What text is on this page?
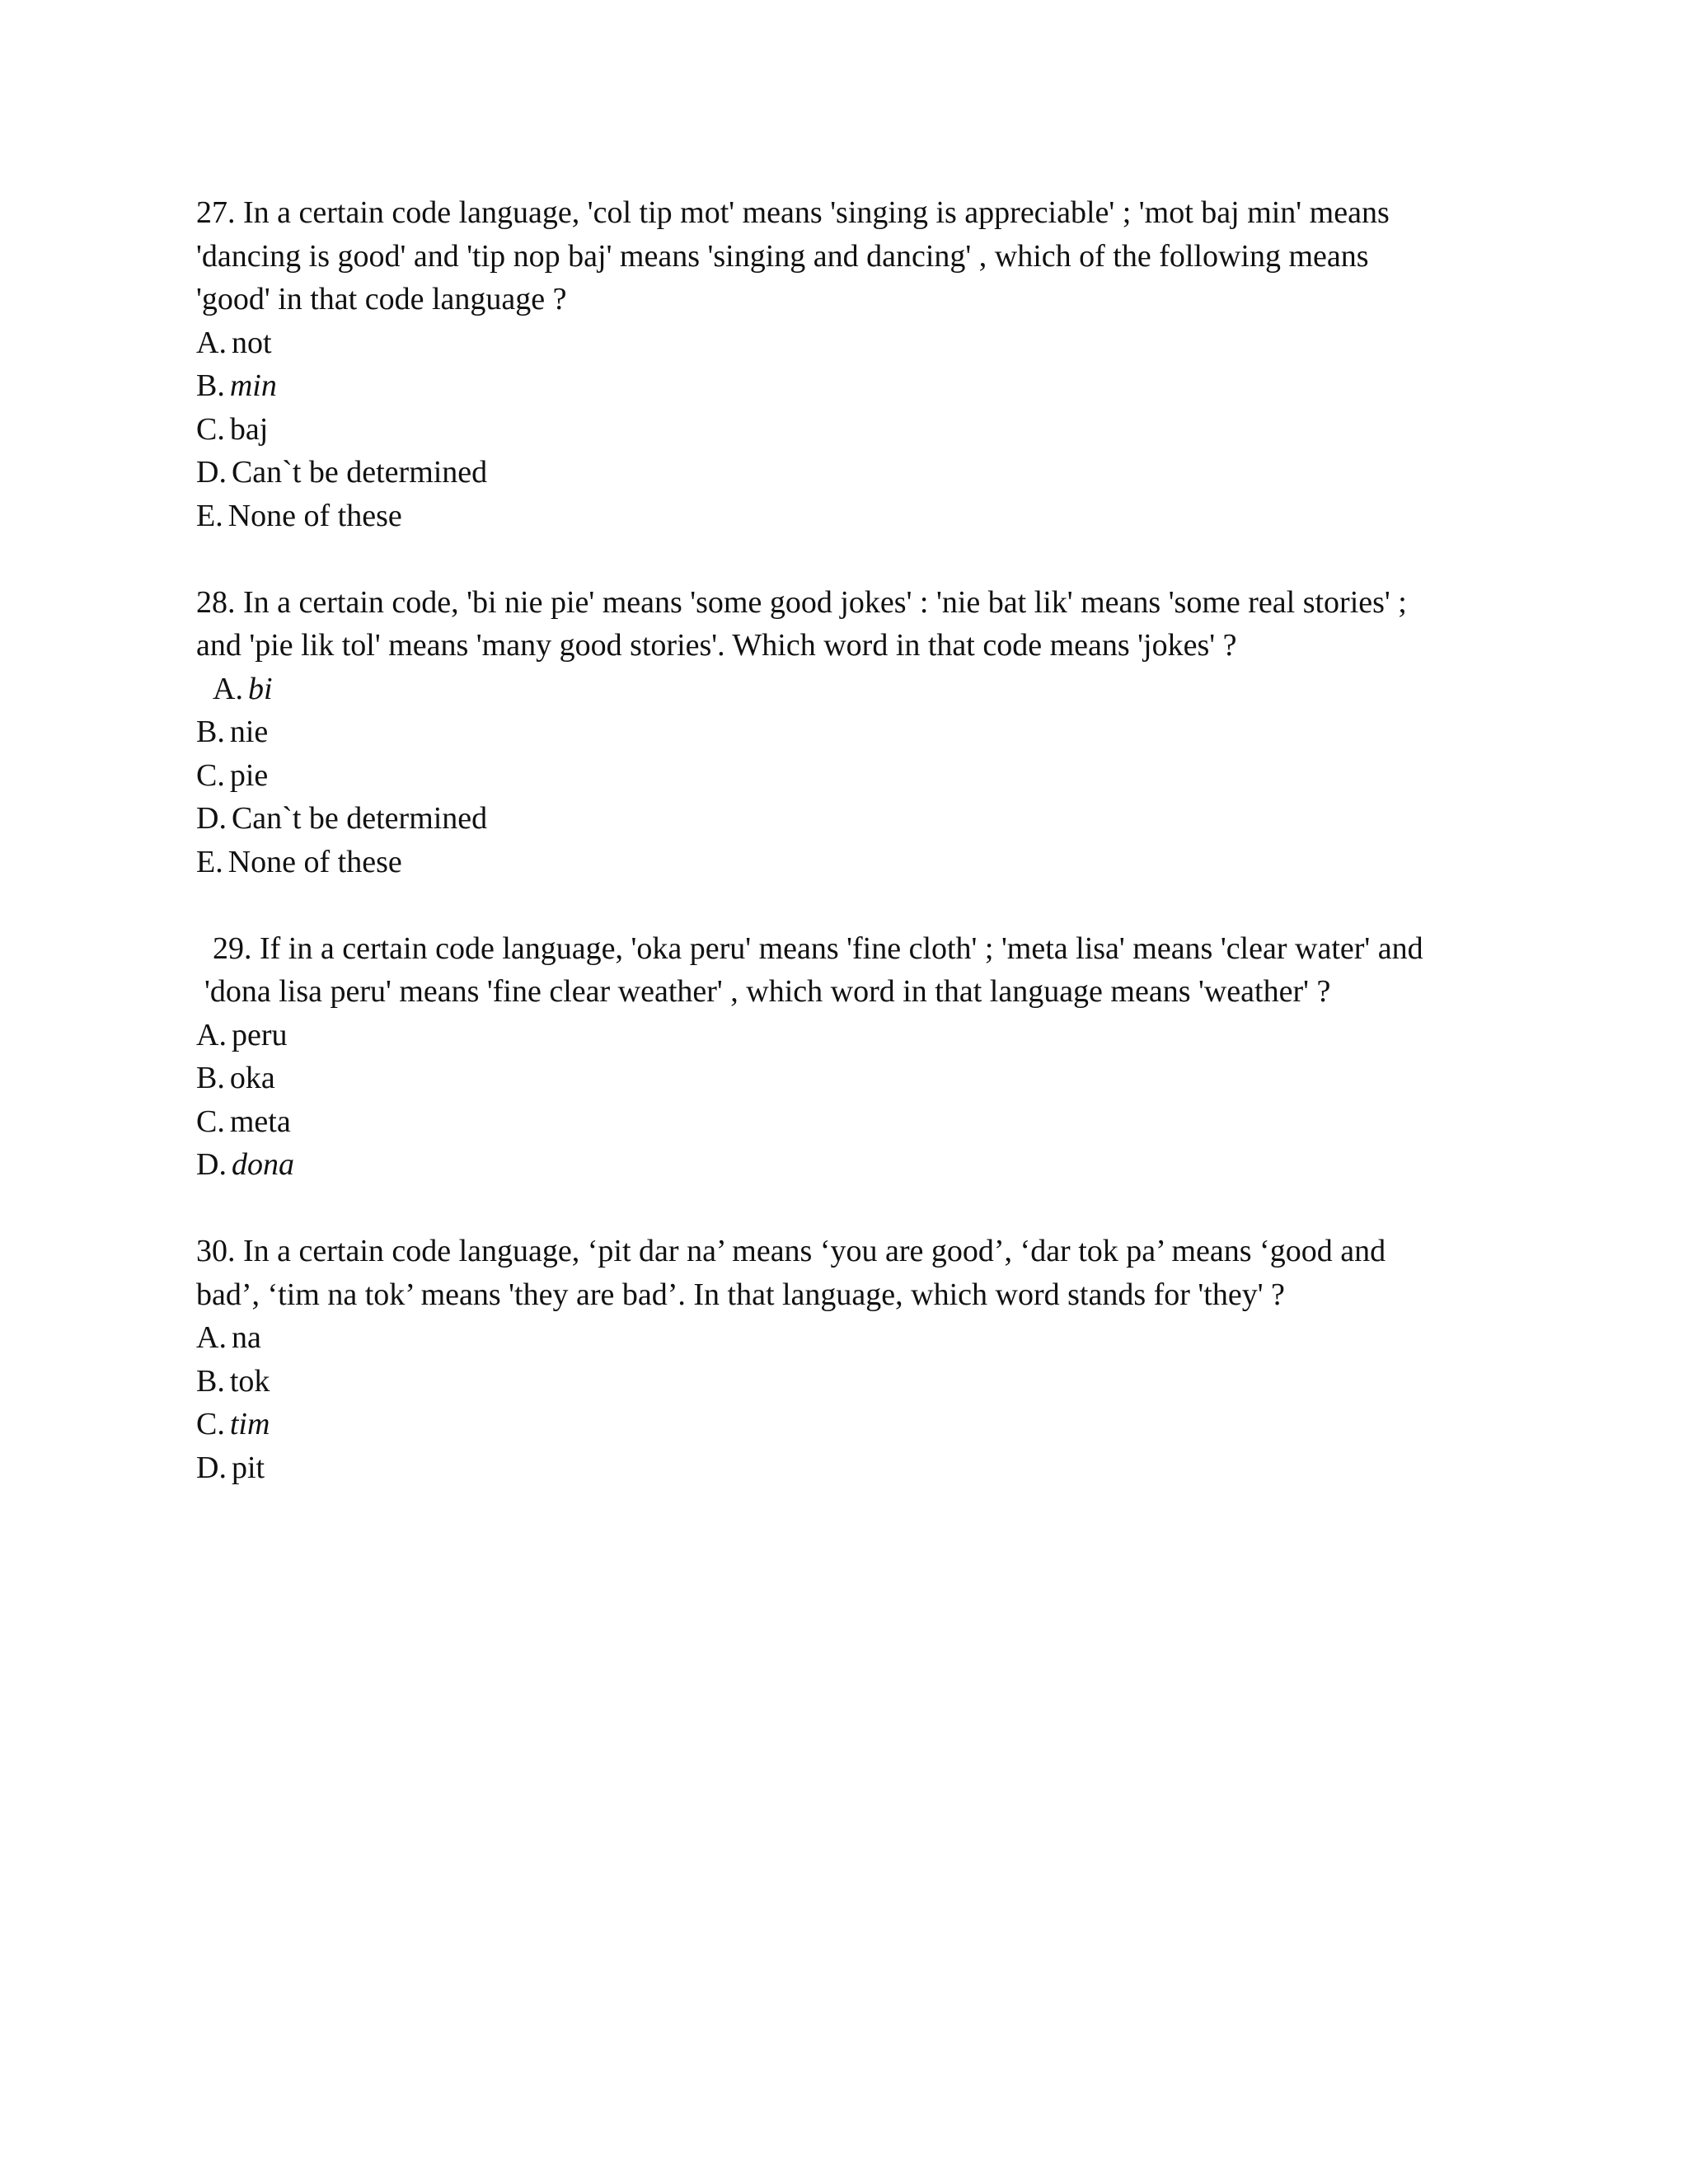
27. In a certain code language, 'col tip mot' means 'singing is appreciable' ; 'mot baj min' means
'dancing is good' and 'tip nop baj' means 'singing and dancing' , which of the following means
'good' in that code language ?
A. not
B. min
C. baj
D. Can`t be determined
E. None of these
28. In a certain code, 'bi nie pie' means 'some good jokes' : 'nie bat lik' means 'some real stories' ;
and 'pie lik tol' means 'many good stories'. Which word in that code means 'jokes' ?
A. bi
B. nie
C. pie
D. Can`t be determined
E. None of these
29. If in a certain code language, 'oka peru' means 'fine cloth' ; 'meta lisa' means 'clear water' and
'dona lisa peru' means 'fine clear weather' , which word in that language means 'weather' ?
A. peru
B. oka
C. meta
D. dona
30. In a certain code language, ‘pit dar na’ means ‘you are good’, ‘dar tok pa’ means ‘good and
bad’, ‘tim na tok’ means 'they are bad’. In that language, which word stands for 'they' ?
A. na
B. tok
C. tim
D. pit
